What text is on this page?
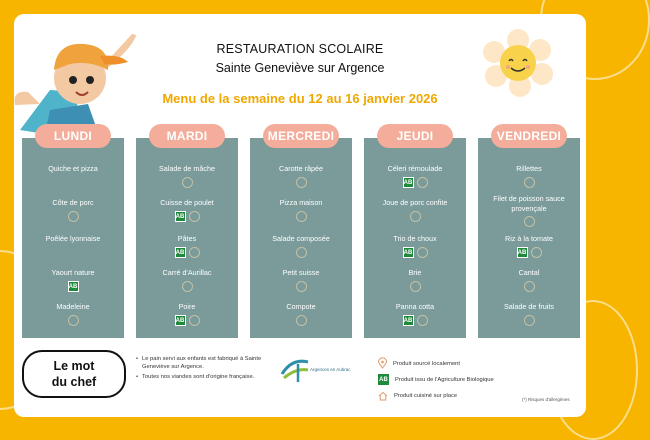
RESTAURATION SCOLAIRE
Sainte Geneviève sur Argence
Menu de la semaine du 12 au 16 janvier 2026
Quiche et pizza
Côte de porc
Poêlée lyonnaise
Yaourt nature
AB
Madeleine
LUNDI
Salade de mâche
Cuisse de poulet
AB
Pâtes
AB
Carré d'Aurillac
Poire
AB
MARDI
Carotte râpée
Pizza maison
Salade composée
Petit suisse
Compote
MERCREDI
Céleri rémoulade
AB
Joue de porc confite
Trio de choux
AB
Brie
Panna cotta
AB
JEUDI
Rillettes
Filet de poisson sauce provençale
Riz à la tomate
AB
Cantal
Salade de fruits
VENDREDI
Le mot
du chef
• Le pain servi aux enfants est fabriqué à Sainte Geneviève sur Argence.
• Toutes nos viandes sont d'origine française.
Argences en Aubrac
Produit sourcé localement
AB Produit issu de l'Agriculture Biologique
Produit cuisiné sur place
(*) Risques d'allergènes
